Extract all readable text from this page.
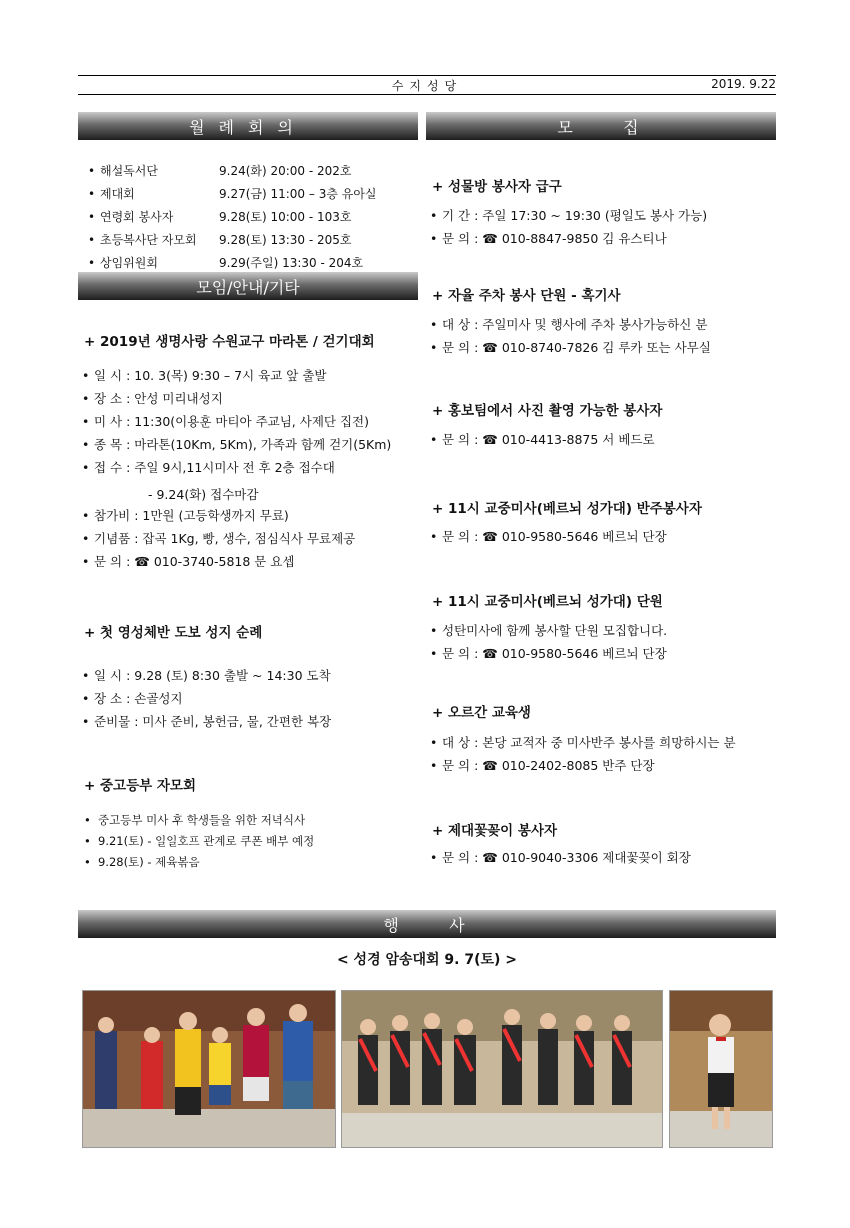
수지성당	2019. 9.22
월례회의
• 해설독서단	9.24(화) 20:00 - 202호
• 제대회	9.27(금) 11:00 – 3층 유아실
• 연령회 봉사자	9.28(토) 10:00 - 103호
• 초등복사단 자모회 9.28(토) 13:30 - 205호
• 상임위원회	9.29(주일) 13:30 - 204호
모임/안내/기타
+ 2019년 생명사랑 수원교구 마라톤 / 걷기대회
• 일 시 : 10. 3(목) 9:30 – 7시 육교 앞 출발
• 장 소 : 안성 미리내성지
• 미 사 : 11:30(이용훈 마티아 주교님, 사제단 집전)
• 종 목 : 마라톤(10Km, 5Km), 가족과 함께 걷기(5Km)
• 접 수 : 주일 9시,11시미사 전 후 2층 접수대
- 9.24(화) 접수마감
• 참가비 : 1만원 (고등학생까지 무료)
• 기념품 : 잡곡 1Kg, 빵, 생수, 점심식사 무료제공
• 문 의 : ☎ 010-3740-5818 문 요셉
+ 첫 영성체반 도보 성지 순례
• 일 시 : 9.28 (토) 8:30 출발 ~ 14:30 도착
• 장 소 : 손골성지
• 준비물 : 미사 준비, 봉헌금, 물, 간편한 복장
+ 중고등부 자모회
• 중고등부 미사 후 학생들을 위한 저녁식사
• 9.21(토) - 일일호프 관계로 쿠폰 배부 예정
• 9.28(토) - 제육볶음
모    집
+ 성물방 봉사자 급구
• 기 간 : 주일 17:30 ~ 19:30 (평일도 봉사 가능)
• 문 의 : ☎ 010-8847-9850 김 유스티나
+ 자율 주차 봉사 단원 - 혹기사
• 대 상 : 주일미사 및 행사에 주차 봉사가능하신 분
• 문 의 : ☎ 010-8740-7826 김 루카 또는 사무실
+ 홍보팀에서 사진 촬영 가능한 봉사자
• 문 의 : ☎ 010-4413-8875 서 베드로
+ 11시 교중미사(베르뇌 성가대) 반주봉사자
• 문 의 : ☎ 010-9580-5646 베르뇌 단장
+ 11시 교중미사(베르뇌 성가대) 단원
• 성탄미사에 함께 봉사할 단원 모집합니다.
• 문 의 : ☎ 010-9580-5646 베르뇌 단장
+ 오르간 교육생
• 대 상 : 본당 교적자 중 미사반주 봉사를 희망하시는 분
• 문 의 : ☎ 010-2402-8085 반주 단장
+ 제대꽃꽂이 봉사자
• 문 의 : ☎ 010-9040-3306 제대꽃꽂이 회장
행    사
< 성경 암송대회 9. 7(토) >
